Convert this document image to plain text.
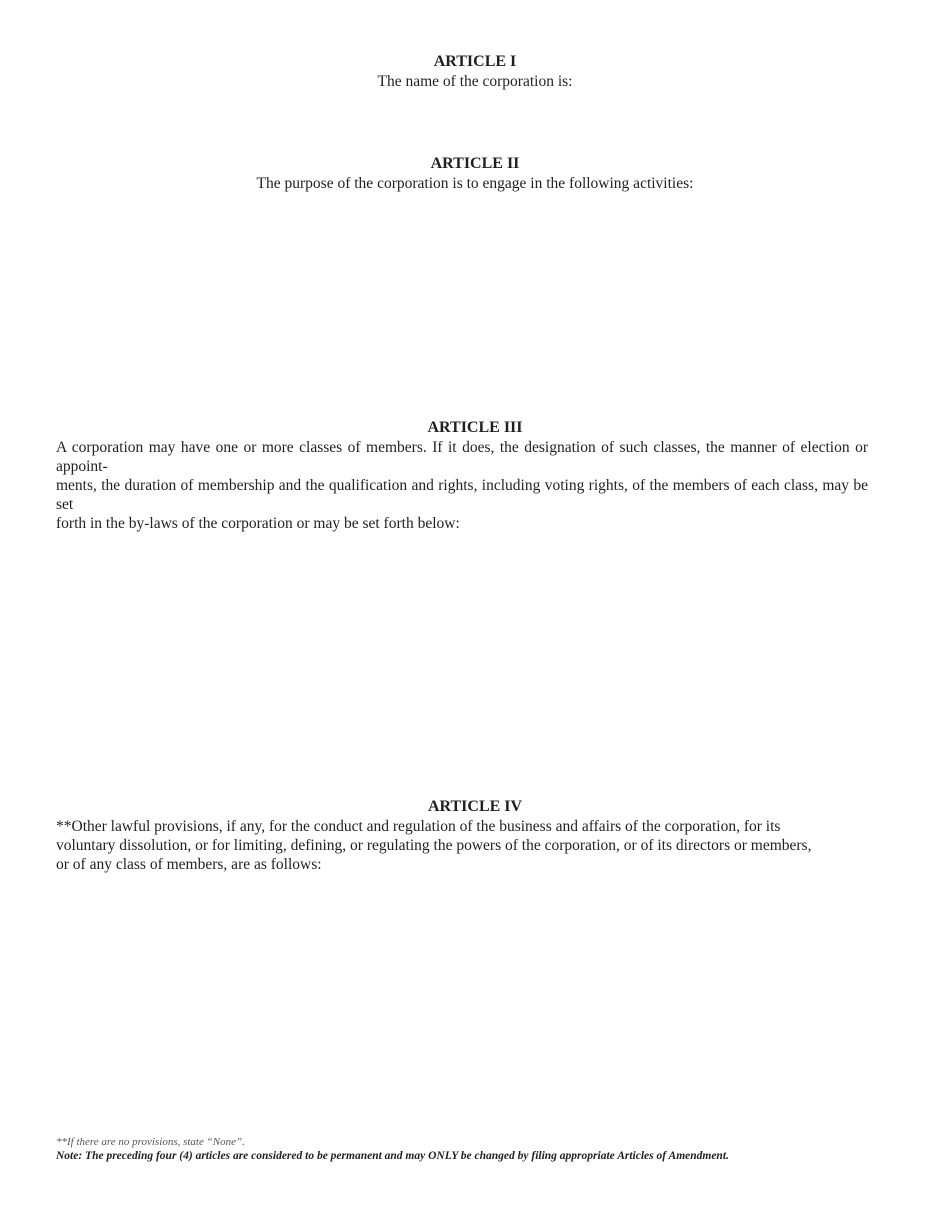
ARTICLE I

The name of the corporation is:

ARTICLE II

The purpose of the corporation is to engage in the following activities:

ARTICLE III

A corporation may have one or more classes of members. If it does, the designation of such classes, the manner of election or appoint-
ments, the duration of membership and the qualification and rights, including voting rights, of the members of each class, may be set
forth in the by-laws of the corporation or may be set forth below:

ARTICLE IV

**Other lawful provisions, if any, for the conduct and regulation of the business and affairs of the corporation, for its
voluntary dissolution, or for limiting, defining, or regulating the powers of the corporation, or of its directors or members,
or of any class of members, are as follows:

**If there are no provisions, state “None”.

Note: The preceding four (4) articles are considered to be permanent and may ONLY be changed by filing appropriate Articles of Amendment.
